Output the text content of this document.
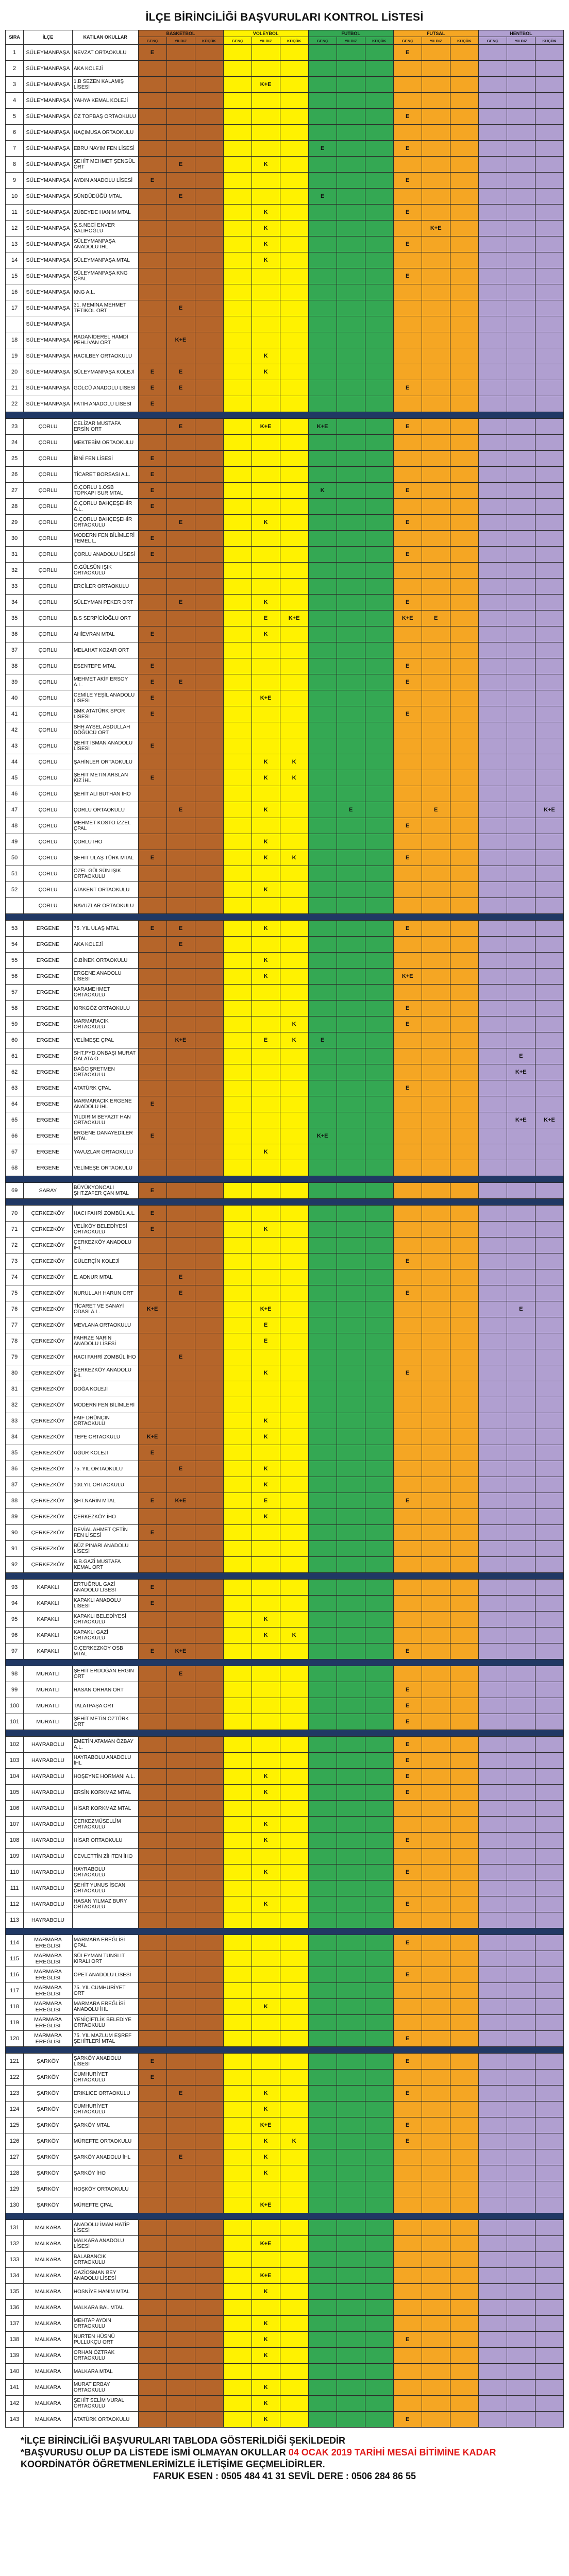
İLÇE BİRİNCİLİĞİ BAŞVURULARI KONTROL LİSTESİ
SIRA	İLÇE	KATILAN OKULLAR	BASKETBOL			VOLEYBOL			FUTBOL			FUTSAL			HENTBOL		
			GENÇ	YILDIZ	KÜÇÜK	GENÇ	YILDIZ	KÜÇÜK	GENÇ	YILDIZ	KÜÇÜK	GENÇ	YILDIZ	KÜÇÜK	GENÇ	YILDIZ	KÜÇÜK
1	SÜLEYMANPAŞA	NEVZAT ORTAOKULU	E									E					
2	SÜLEYMANPAŞA	AKA KOLEJİ															
3	SÜLEYMANPAŞA	1.B SEZEN KALAMIŞ LİSESİ					K+E										
4	SÜLEYMANPAŞA	YAHYA KEMAL KOLEJİ															
5	SÜLEYMANPAŞA	ÖZ TOPBAŞ ORTAOKULU										E					
6	SÜLEYMANPAŞA	HAÇIMUSA ORTAOKULU															
7	SÜLEYMANPAŞA	EBRU NAYIM FEN LİSESİ							E			E					
8	SÜLEYMANPAŞA	ŞEHİT MEHMET ŞENGÜL ORT		E			K										
9	SÜLEYMANPAŞA	AYDIN ANADOLU LİSESİ	E									E					
10	SÜLEYMANPAŞA	SÜNDÜDÜĞÜ MTAL		E					E								
11	SÜLEYMANPAŞA	ZÜBEYDE HANIM MTAL					K					E					
12	SÜLEYMANPAŞA	Ş.S.NECİ ENVER SALİHOĞLU					K						K+E				
13	SÜLEYMANPAŞA	SÜLEYMANPAŞA ANADOLU İHL					K					E					
14	SÜLEYMANPAŞA	SÜLEYMANPAŞA MTAL					K										
15	SÜLEYMANPAŞA	SÜLEYMANPAŞA KNG ÇPAL										E					
16	SÜLEYMANPAŞA	KNG A.L.															
17	SÜLEYMANPAŞA	31. MEMİNA MEHMET TETİKOL ORT		E													
	SÜLEYMANPAŞA																
18	SÜLEYMANPAŞA	RADANİDEREL HAMDİ PEHLİVAN ORT		K+E													
19	SÜLEYMANPAŞA	HACILBEY ORTAOKULU					K										
20	SÜLEYMANPAŞA	SÜLEYMANPAŞA KOLEJİ	E	E			K										
21	SÜLEYMANPAŞA	GÖLCÜ ANADOLU LİSESİ	E	E								E					
22	SÜLEYMANPAŞA	FATİH ANADOLU LİSESİ	E														

23	ÇORLU	CELİZAR MUSTAFA ERSİN ORT		E			K+E		K+E			E					
24	ÇORLU	MEKTEBİM ORTAOKULU															
25	ÇORLU	İBNİ FEN LİSESİ	E														
26	ÇORLU	TİCARET BORSASI A.L.	E														
27	ÇORLU	Ö.ÇORLU 1.OSB TOPKAPI SUR MTAL	E						K			E					
28	ÇORLU	Ö.ÇORLU BAHÇEŞEHİR A.L.	E														
29	ÇORLU	Ö.ÇORLU BAHÇEŞEHİR ORTAOKULU		E			K					E					
30	ÇORLU	MODERN FEN BİLİMLERİ TEMEL L.	E														
31	ÇORLU	ÇORLU ANADOLU LİSESİ	E									E					
32	ÇORLU	Ö.GÜLSÜN IŞIK ORTAOKULU															
33	ÇORLU	ERCİLER ORTAOKULU															
34	ÇORLU	SÜLEYMAN PEKER ORT		E			K					E					
35	ÇORLU	B.S SERPİCİOĞLU ORT					E	K+E				K+E	E				
36	ÇORLU	AHİEVRAN MTAL	E				K										
37	ÇORLU	MELAHAT KOZAR ORT															
38	ÇORLU	ESENTEPE MTAL	E									E					
39	ÇORLU	MEHMET AKİF ERSOY A.L.	E	E								E					
40	ÇORLU	CEMİLE YEŞİL ANADOLU LİSESİ	E				K+E										
41	ÇORLU	SMK ATATÜRK SPOR LİSESİ	E									E					
42	ÇORLU	SHH AYSEL ABDULLAH DÖĞÜCÜ ORT															
43	ÇORLU	ŞEHİT İSMAN ANADOLU LİSESİ	E														
44	ÇORLU	ŞAHİNLER ORTAOKULU					K	K									
45	ÇORLU	ŞEHİT METİN ARSLAN KIZ İHL	E				K	K									
46	ÇORLU	ŞEHİT ALİ BUTHAN İHO															
47	ÇORLU	ÇORLU ORTAOKULU		E			K			E			E				K+E
48	ÇORLU	MEHMET KOSTO İZZEL ÇPAL										E					
49	ÇORLU	ÇORLU İHO					K										
50	ÇORLU	ŞEHİT ULAŞ TÜRK MTAL	E				K	K				E					
51	ÇORLU	ÖZEL GÜLSÜN IŞIK ORTAOKULU															
52	ÇORLU	ATAKENT ORTAOKULU					K										
	ÇORLU	NAVUZLAR ORTAOKULU															

53	ERGENE	75. YIL ULAŞ MTAL	E	E			K					E					
54	ERGENE	AKA KOLEJİ		E													
55	ERGENE	Ö.BİNEK ORTAOKULU					K										
56	ERGENE	ERGENE ANADOLU LİSESİ					K					K+E					
57	ERGENE	KARAMEHMET ORTAOKULU															
58	ERGENE	KIRKGÖZ ORTAOKULU										E					
59	ERGENE	MARMARACIK ORTAOKULU						K				E					
60	ERGENE	VELİMEŞE ÇPAL		K+E			E	K	E								
61	ERGENE	SHT.PYD.ONBAŞI MURAT GALATA O.														E	
62	ERGENE	BAĞCIŞRETMEN ORTAOKULU														K+E	
63	ERGENE	ATATÜRK ÇPAL										E					
64	ERGENE	MARMARACIK ERGENE ANADOLU İHL	E														
65	ERGENE	YILDIRIM BEYAZIT HAN ORTAOKULU														K+E	K+E
66	ERGENE	ERGENE DANAYEDİLER MTAL	E						K+E								
67	ERGENE	YAVUZLAR ORTAOKULU					K										
68	ERGENE	VELİMEŞE ORTAOKULU															

69	SARAY	BÜYÜKYONCALI ŞHT.ZAFER ÇAN MTAL	E														

70	ÇERKEZKÖY	HACI FAHRİ ZOMBÜL A.L.	E														
71	ÇERKEZKÖY	VELİKÖY BELEDİYESİ ORTAOKULU	E				K										
72	ÇERKEZKÖY	ÇERKEZKÖY ANADOLU İHL															
73	ÇERKEZKÖY	GÜLERÇİN KOLEJİ										E					
74	ÇERKEZKÖY	E. ADNUR MTAL		E													
75	ÇERKEZKÖY	NURULLAH HARUN ORT		E								E					
76	ÇERKEZKÖY	TİCARET VE SANAYİ ODASI A.L.	K+E				K+E									E	
77	ÇERKEZKÖY	MEVLANA ORTAOKULU					E										
78	ÇERKEZKÖY	FAHRZE NARİN ANADOLU LİSESİ					E										
79	ÇERKEZKÖY	HACI FAHRİ ZOMBÜL İHO		E													
80	ÇERKEZKÖY	ÇERKEZKÖY ANADOLU İHL					K					E					
81	ÇERKEZKÖY	DOĞA KOLEJİ															
82	ÇERKEZKÖY	MODERN FEN BİLİMLERİ															
83	ÇERKEZKÖY	FAİF DRÜNÇIN ORTAOKULU					K										
84	ÇERKEZKÖY	TEPE ORTAOKULU	K+E				K										
85	ÇERKEZKÖY	UĞUR KOLEJİ	E														
86	ÇERKEZKÖY	75. YIL ORTAOKULU		E			K										
87	ÇERKEZKÖY	100.YIL ORTAOKULU					K										
88	ÇERKEZKÖY	ŞHT.NARİN MTAL	E	K+E			E					E					
89	ÇERKEZKÖY	ÇERKEZKÖY İHO					K										
90	ÇERKEZKÖY	DEVİAL AHMET ÇETİN FEN LİSESİ	E														
91	ÇERKEZKÖY	BÜZ PINARI ANADOLU LİSESİ															
92	ÇERKEZKÖY	B.B.GAZİ MUSTAFA KEMAL ORT															

93	KAPAKLI	ERTUĞRUL GAZİ ANADOLU LİSESİ	E														
94	KAPAKLI	KAPAKLI ANADOLU LİSESİ	E														
95	KAPAKLI	KAPAKLI BELEDİYESİ ORTAOKULU					K										
96	KAPAKLI	KAPAKLI GAZİ ORTAOKULU					K	K									
97	KAPAKLI	Ö.ÇERKEZKÖY OSB MTAL	E	K+E								E					

98	MURATLI	ŞEHİT ERDOĞAN ERGİN ORT		E													
99	MURATLI	HASAN ORHAN ORT										E					
100	MURATLI	TALATPAŞA ORT										E					
101	MURATLI	ŞEHİT METİN ÖZTÜRK ORT										E					

102	HAYRABOLU	EMETİN ATAMAN ÖZBAY A.L.										E					
103	HAYRABOLU	HAYRABOLU ANADOLU İHL										E					
104	HAYRABOLU	HOŞEYNE HORMANI A.L.					K					E					
105	HAYRABOLU	ERSİN KORKMAZ MTAL					K					E					
106	HAYRABOLU	HİSAR KORKMAZ MTAL															
107	HAYRABOLU	ÇERKEZMÜSELLİM ORTAOKULU					K										
108	HAYRABOLU	HİSAR ORTAOKULU					K					E					
109	HAYRABOLU	CEVLETTİN ZİHTEN İHO															
110	HAYRABOLU	HAYRABOLU ORTAOKULU					K					E					
111	HAYRABOLU	ŞEHİT YUNUS İSCAN ORTAOKULU															
112	HAYRABOLU	HASAN YILMAZ BURY ORTAOKULU					K					E					
113	HAYRABOLU																

114	MARMARA EREĞLİSİ	MARMARA EREĞLİSİ ÇPAL										E					
115	MARMARA EREĞLİSİ	SÜLEYMAN TUNSLIT KIRALI ORT															
116	MARMARA EREĞLİSİ	ÖPET ANADOLU LİSESİ										E					
117	MARMARA EREĞLİSİ	75. YIL CUMHURİYET ORT															
118	MARMARA EREĞLİSİ	MARMARA EREĞLİSİ ANADOLU İHL					K										
119	MARMARA EREĞLİSİ	YENİÇİFTLİK BELEDİYE ORTAOKULU															
120	MARMARA EREĞLİSİ	75. YIL MAZLUM EŞREF ŞEHİTLERİ MTAL										E					

121	ŞARKÖY	ŞARKÖY ANADOLU LİSESİ	E									E					
122	ŞARKÖY	CUMHURİYET ORTAOKULU	E														
123	ŞARKÖY	ERIKLICE ORTAOKULU		E			K					E					
124	ŞARKÖY	CUMHURİYET ORTAOKULU					K										
125	ŞARKÖY	ŞARKÖY MTAL					K+E					E					
126	ŞARKÖY	MÜREFTE ORTAOKULU					K	K				E					
127	ŞARKÖY	ŞARKÖY ANADOLU İHL		E			K										
128	ŞARKÖY	ŞARKÖY İHO					K										
129	ŞARKÖY	HOŞKÖY ORTAOKULU															
130	ŞARKÖY	MÜREFTE ÇPAL					K+E										

131	MALKARA	ANADOLU İMAM HATİP LİSESİ															
132	MALKARA	MALKARA ANADOLU LİSESİ					K+E										
133	MALKARA	BALABANCIK ORTAOKULU															
134	MALKARA	GAZİOSMAN BEY ANADOLU LİSESİ					K+E										
135	MALKARA	HOSNİYE HANIM MTAL					K										
136	MALKARA	MALKARA BAL MTAL															
137	MALKARA	MEHTAP AYDIN ORTAOKULU					K										
138	MALKARA	NURTEN HÜSNÜ PULLUKÇU ORT					K					E					
139	MALKARA	ORHAN ÖZTRAK ORTAOKULU					K										
140	MALKARA	MALKARA MTAL															
141	MALKARA	MURAT ERBAY ORTAOKULU					K										
142	MALKARA	ŞEHİT SELİM VURAL ORTAOKULU					K										
143	MALKARA	ATATÜRK ORTAOKULU					K					E					
*İLÇE BİRİNCİLİĞİ BAŞVURULARI TABLODA GÖSTERİLDİĞİ ŞEKİLDEDİR
*BAŞVURUSU OLUP DA LİSTEDE İSMİ OLMAYAN OKULLAR 04 OCAK 2019 TARİHİ MESAİ BİTİMİNE KADAR
KOORDİNATÖR ÖĞRETMENLERİMİZLE İLETİŞİME GEÇMELİDİRLER.
FARUK ESEN : 0505 484 41 31 SEVİL DERE : 0506 284 86 55
